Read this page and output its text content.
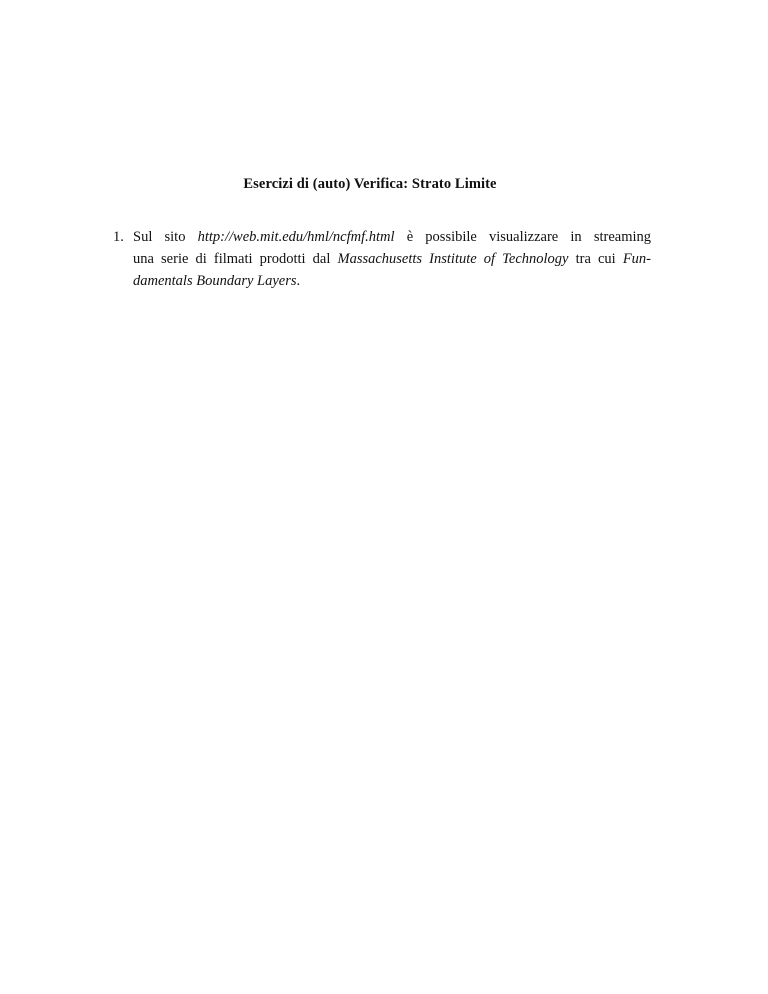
Esercizi di (auto) Verifica: Strato Limite
1. Sul sito http://web.mit.edu/hml/ncfmf.html è possibile visualizzare in streaming
una serie di filmati prodotti dal Massachusetts Institute of Technology tra cui Fun-
damentals Boundary Layers.
